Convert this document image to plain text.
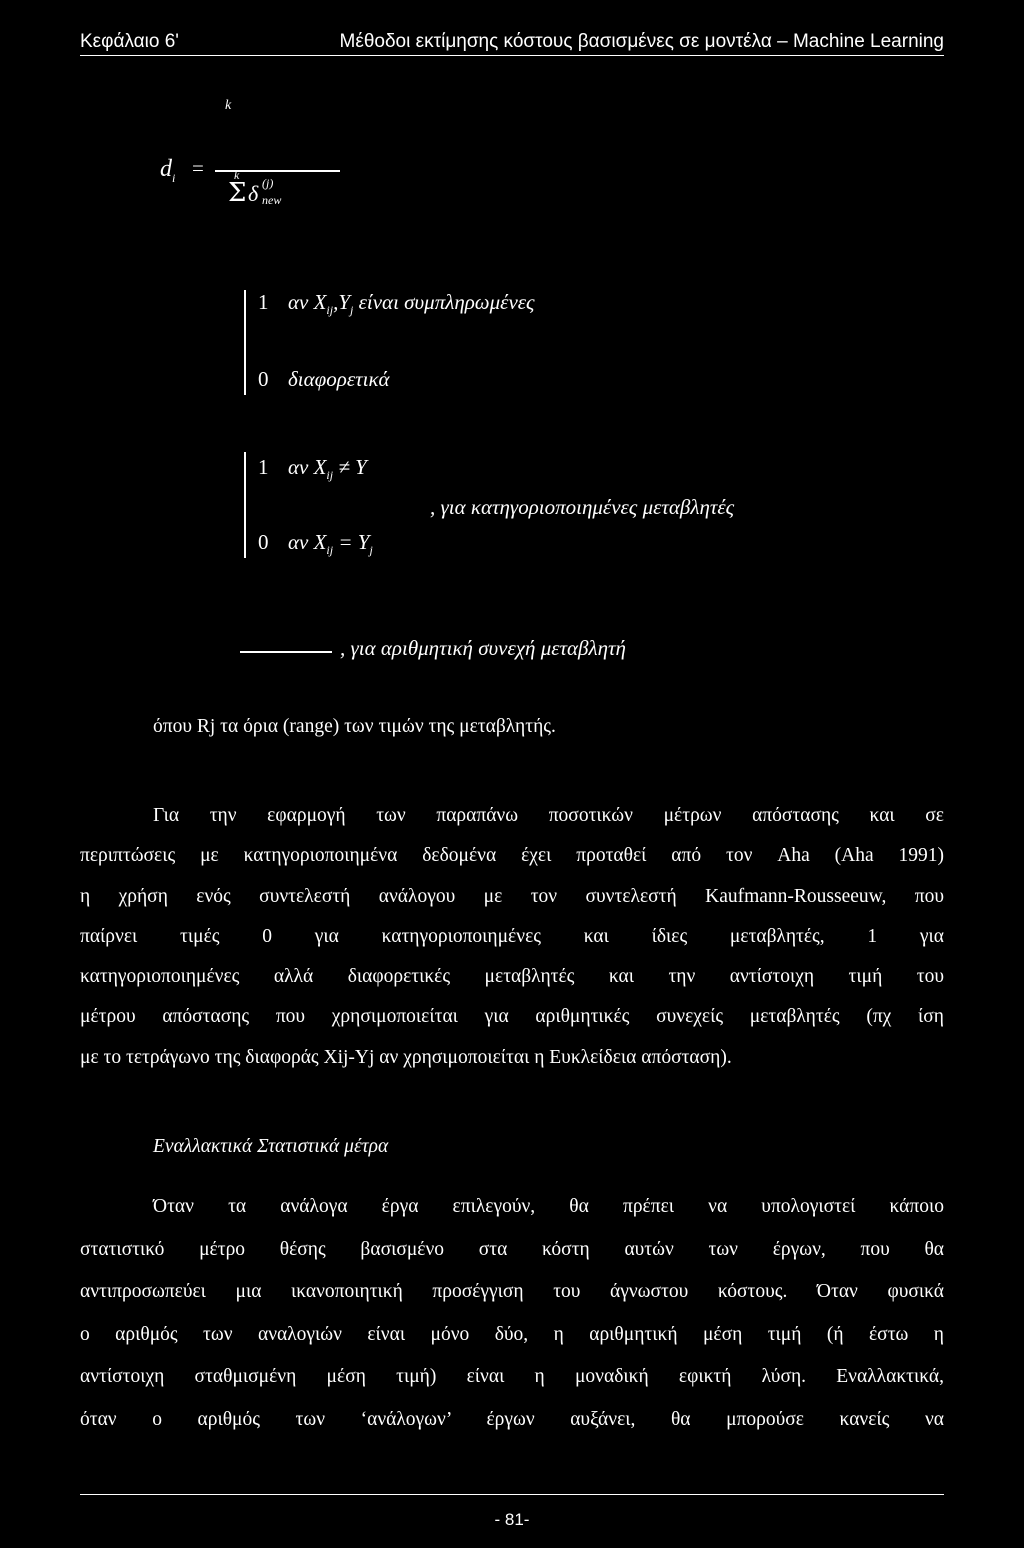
Κεφάλαιο 6'	Μέθοδοι εκτίμησης κόστους βασισμένες σε μοντέλα – Machine Learning
k
$d_i$ =	k
Σ δ (j)
new
1 αν $X_{ij},Y_j$ είναι συμπληρωμένες
0 διαφορετικά
1 αν $X_{ij} \ne Y$
, για κατηγοριοποιημένες μεταβλητές
0 αν $X_{ij} = Y_j$
, για αριθμητική συνεχή μεταβλητή
όπου Rj τα όρια (range) των τιμών της μεταβλητής.
Για την εφαρμογή των παραπάνω ποσοτικών μέτρων απόστασης και σε
περιπτώσεις με κατηγοριοποιημένα δεδομένα έχει προταθεί από τον Aha (Aha 1991)
η χρήση ενός συντελεστή ανάλογου με τον συντελεστή Kaufmann-Rousseeuw, που
παίρνει τιμές 0 για κατηγοριοποιημένες και ίδιες μεταβλητές, 1 για
κατηγοριοποιημένες αλλά διαφορετικές μεταβλητές και την αντίστοιχη τιμή του
μέτρου απόστασης που χρησιμοποιείται για αριθμητικές συνεχείς μεταβλητές (πχ ίση
με το τετράγωνο της διαφοράς Xij-Yj αν χρησιμοποιείται η Ευκλείδεια απόσταση).
Εναλλακτικά Στατιστικά μέτρα
Όταν τα ανάλογα έργα επιλεγούν, θα πρέπει να υπολογιστεί κάποιο
στατιστικό μέτρο θέσης βασισμένο στα κόστη αυτών των έργων, που θα
αντιπροσωπεύει μια ικανοποιητική προσέγγιση του άγνωστου κόστους. Όταν φυσικά
ο αριθμός των αναλογιών είναι μόνο δύο, η αριθμητική μέση τιμή (ή έστω η
αντίστοιχη σταθμισμένη μέση τιμή) είναι η μοναδική εφικτή λύση. Εναλλακτικά,
όταν ο αριθμός των ‘ανάλογων’ έργων αυξάνει, θα μπορούσε κανείς να
- 81-
